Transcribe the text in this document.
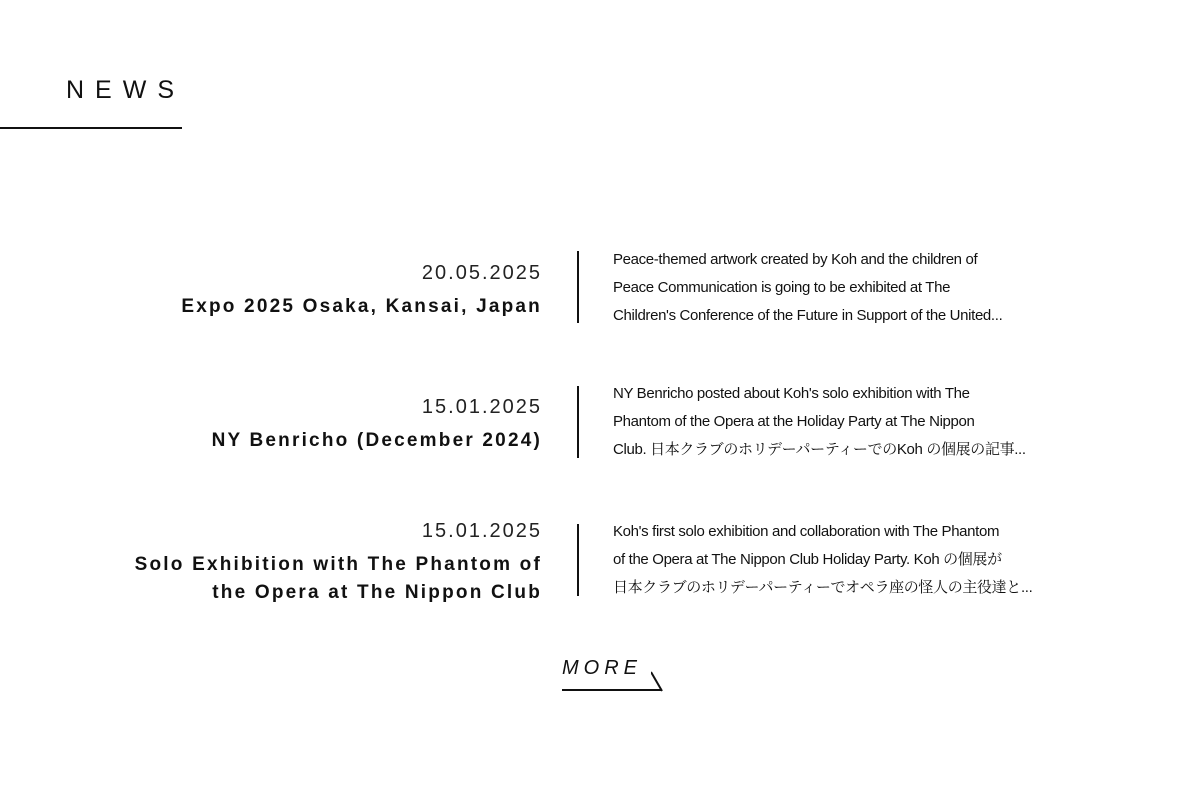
NEWS
20.05.2025
Expo 2025 Osaka, Kansai, Japan
Peace-themed artwork created by Koh and the children of
Peace Communication is going to be exhibited at The
Children's Conference of the Future in Support of the United...
15.01.2025
NY Benricho (December 2024)
NY Benricho posted about Koh's solo exhibition with The
Phantom of the Opera at the Holiday Party at The Nippon
Club. 日本クラブのホリデーパーティーでのKoh の個展の記事...
15.01.2025
Solo Exhibition with The Phantom of
the Opera at The Nippon Club
Koh's first solo exhibition and collaboration with The Phantom
of the Opera at The Nippon Club Holiday Party. Koh の個展が
日本クラブのホリデーパーティーでオペラ座の怪人の主役達と...
MORE
